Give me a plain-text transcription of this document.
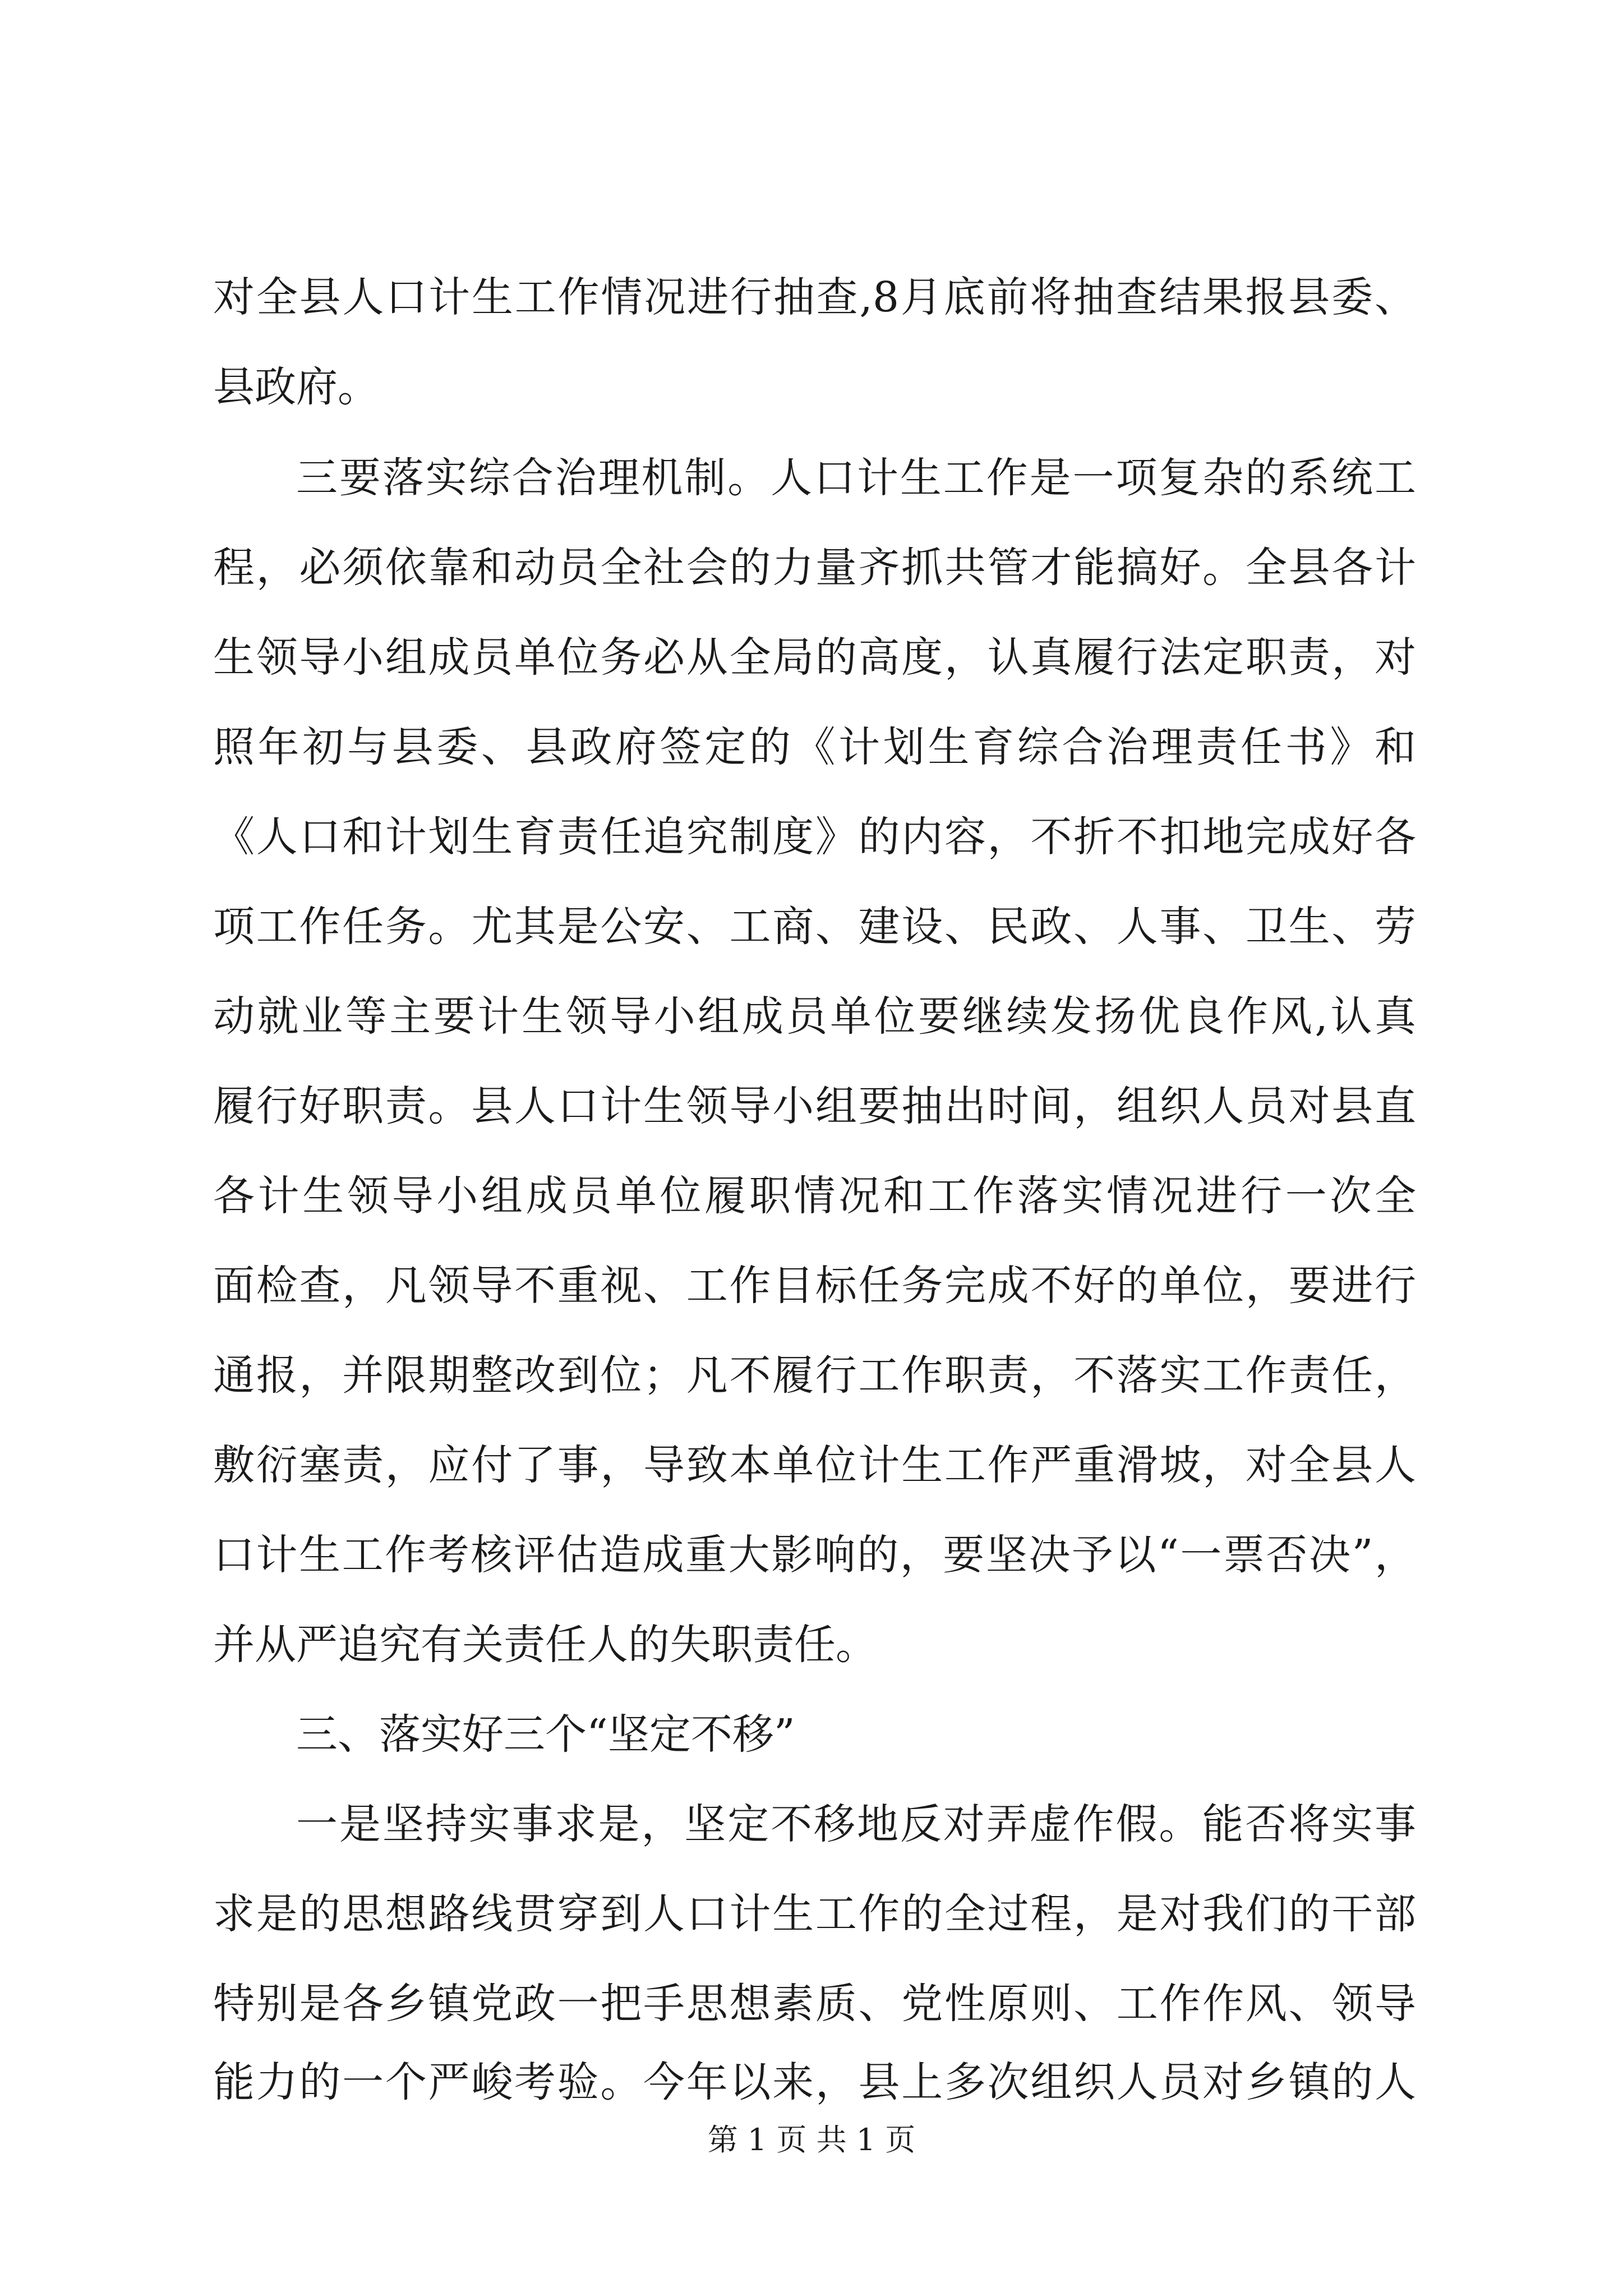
对全县人口计生工作情况进行抽查,8月底前将抽查结果报县委、

县政府。

三要落实综合治理机制。人口计生工作是一项复杂的系统工

程，必须依靠和动员全社会的力量齐抓共管才能搞好。全县各计

生领导小组成员单位务必从全局的高度，认真履行法定职责，对

照年初与县委、县政府签定的《计划生育综合治理责任书》和

《人口和计划生育责任追究制度》的内容，不折不扣地完成好各

项工作任务。尤其是公安、工商、建设、民政、人事、卫生、劳

动就业等主要计生领导小组成员单位要继续发扬优良作风,认真

履行好职责。县人口计生领导小组要抽出时间，组织人员对县直

各计生领导小组成员单位履职情况和工作落实情况进行一次全

面检查，凡领导不重视、工作目标任务完成不好的单位，要进行

通报，并限期整改到位；凡不履行工作职责，不落实工作责任，

敷衍塞责，应付了事，导致本单位计生工作严重滑坡，对全县人

口计生工作考核评估造成重大影响的，要坚决予以“一票否决”，

并从严追究有关责任人的失职责任。

三、落实好三个“坚定不移”

一是坚持实事求是，坚定不移地反对弄虚作假。能否将实事

求是的思想路线贯穿到人口计生工作的全过程，是对我们的干部

特别是各乡镇党政一把手思想素质、党性原则、工作作风、领导

能力的一个严峻考验。今年以来，县上多次组织人员对乡镇的人

第 1 页 共 1 页
